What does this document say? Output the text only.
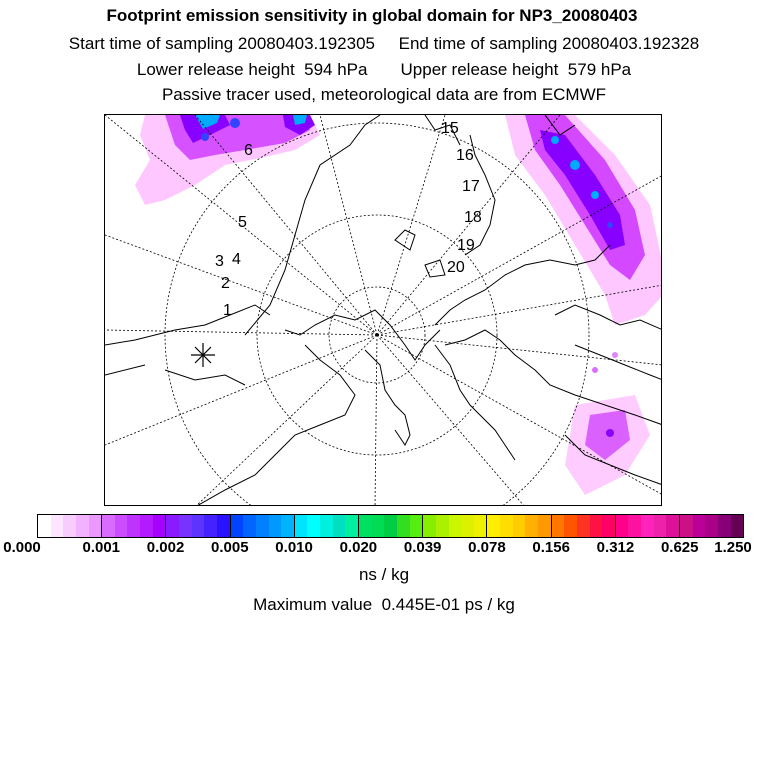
Footprint emission sensitivity in global domain for NP3_20080403
Start time of sampling 20080403.192305 End time of sampling 20080403.192328
Lower release height  594 hPa Upper release height  579 hPa
Passive tracer used, meteorological data are from ECMWF
1
2
3 4
5
6
15
16
17
18
19
20
0.000	0.001 0.002 0.005 0.010 0.020 0.039 0.078 0.156 0.312 0.625 1.250
ns / kg
Maximum value  0.445E-01 ps / kg
